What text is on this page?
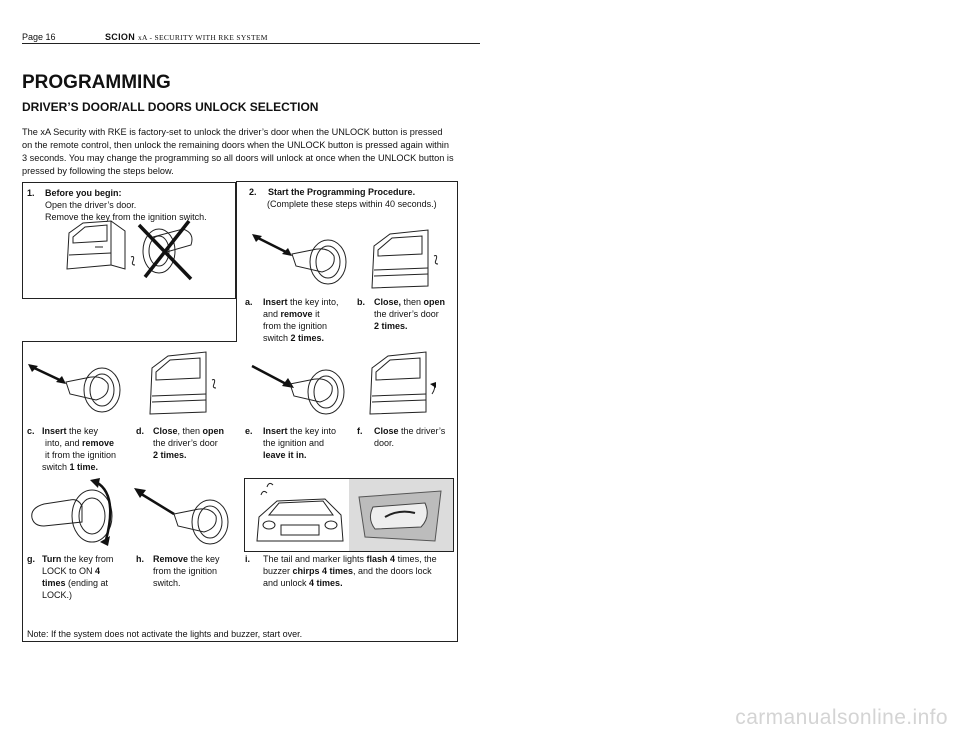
Page 16	SCION xA - SECURITY WITH RKE SYSTEM
PROGRAMMING
DRIVER’S DOOR/ALL DOORS UNLOCK SELECTION
The xA Security with RKE is factory-set to unlock the driver’s door when the UNLOCK button is pressed on the remote control, then unlock the remaining doors when the UNLOCK button is pressed again within 3 seconds. You may change the programming so all doors will unlock at once when the UNLOCK button is pressed by following the steps below.
1. Before you begin:
Open the driver’s door.
Remove the key from the ignition switch.
2. Start the Programming Procedure.
(Complete these steps within 40 seconds.)
a. Insert the key into,
and remove it
from the ignition
switch 2 times.
b. Close, then open
the driver’s door
2 times.
c. Insert the key
into, and remove
it from the ignition
switch 1 time.
d. Close, then open
the driver’s door
2 times.
e. Insert the key into
the ignition and
leave it in.
f. Close the driver’s
door.
g. Turn the key from
LOCK to ON 4
times (ending at
LOCK.)
h. Remove the key
from the ignition
switch.
i. The tail and marker lights flash 4 times, the
buzzer chirps 4 times, and the doors lock
and unlock 4 times.
Note: If the system does not activate the lights and buzzer, start over.
carmanualsonline.info
